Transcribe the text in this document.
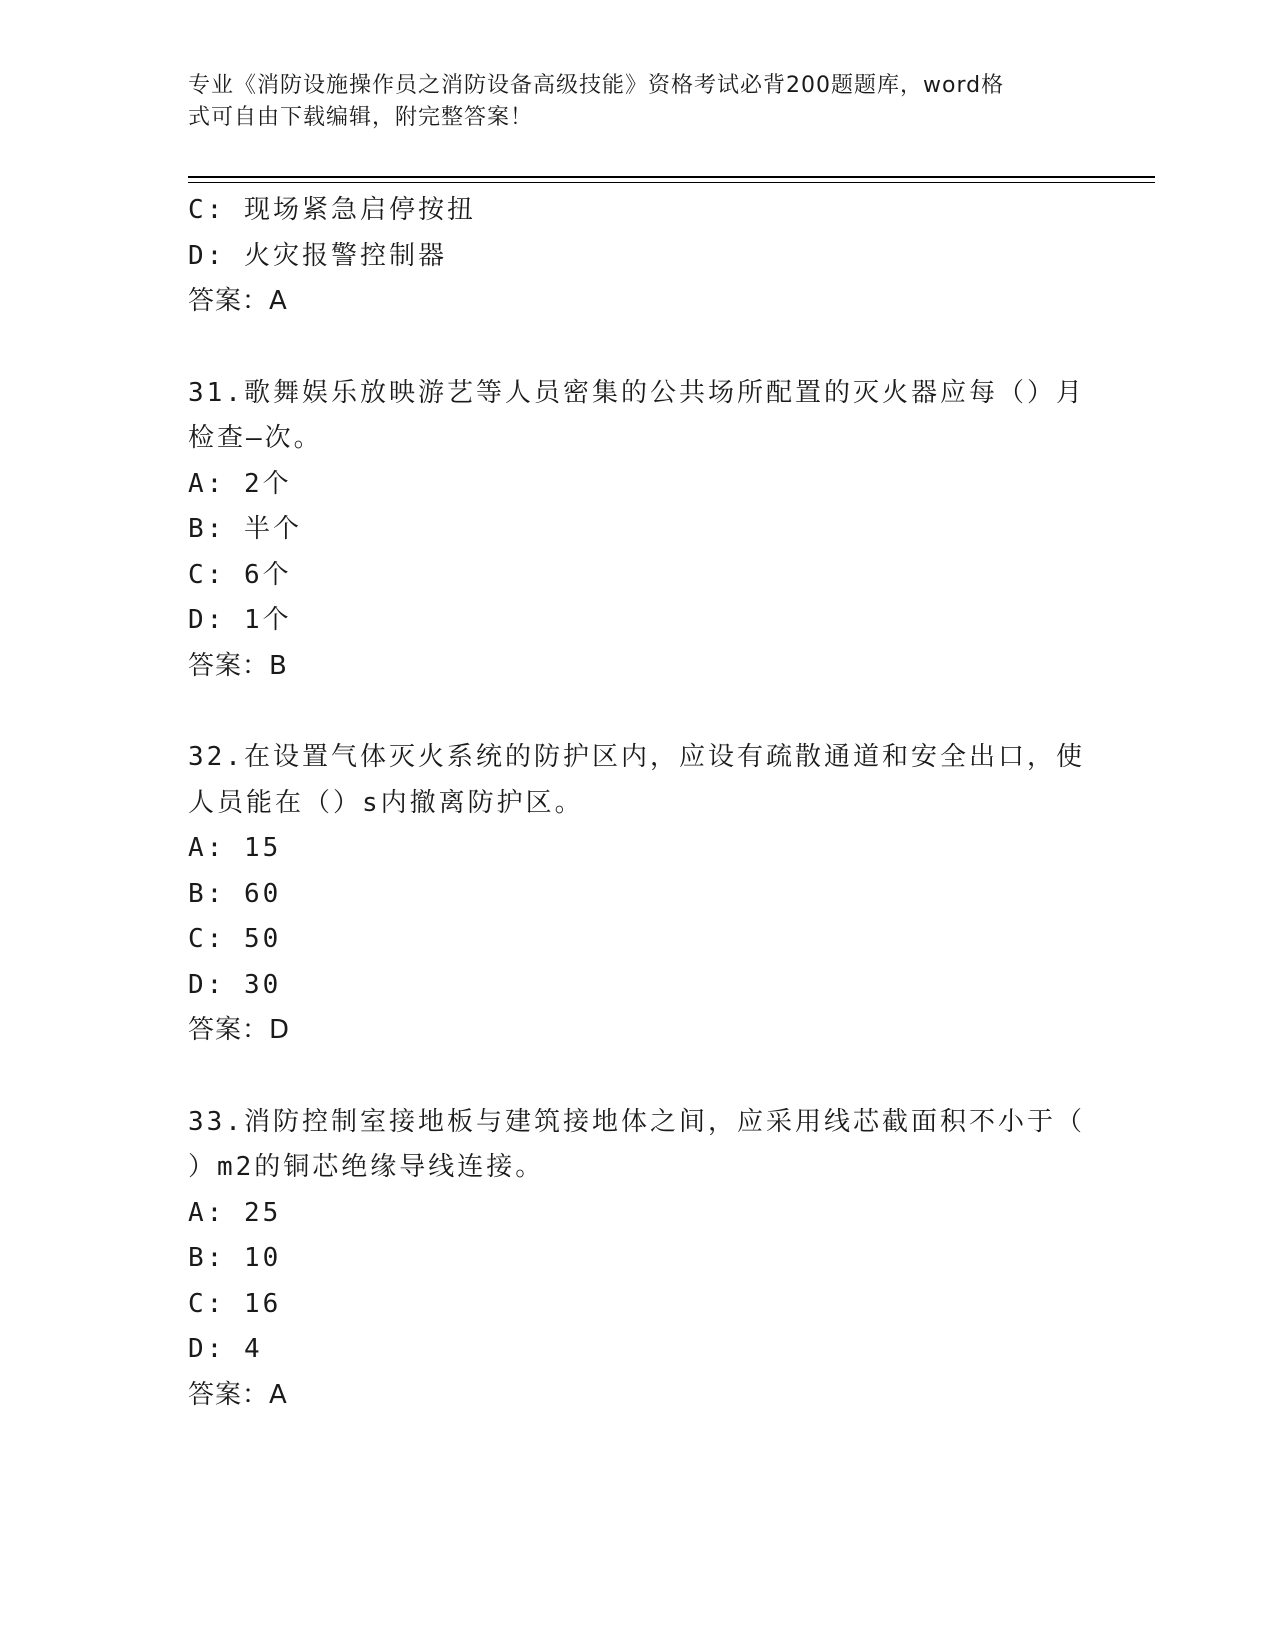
专业《消防设施操作员之消防设备高级技能》资格考试必背200题题库，word格
式可自由下载编辑，附完整答案！
C: 现场紧急启停按扭
D: 火灾报警控制器
答案：A
31.歌舞娱乐放映游艺等人员密集的公共场所配置的灭火器应每（）月
检查—次。
A: 2个
B: 半个
C: 6个
D: 1个
答案：B
32.在设置气体灭火系统的防护区内，应设有疏散通道和安全出口，使
人员能在（）s内撤离防护区。
A: 15
B: 60
C: 50
D: 30
答案：D
33.消防控制室接地板与建筑接地体之间，应采用线芯截面积不小于（
）m2的铜芯绝缘导线连接。
A: 25
B: 10
C: 16
D: 4
答案：A
